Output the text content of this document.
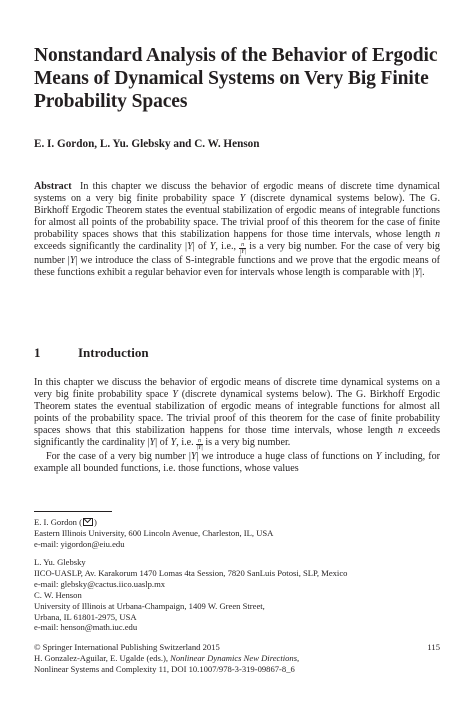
Nonstandard Analysis of the Behavior of Ergodic Means of Dynamical Systems on Very Big Finite Probability Spaces
E. I. Gordon, L. Yu. Glebsky and C. W. Henson
Abstract In this chapter we discuss the behavior of ergodic means of discrete time dynamical systems on a very big finite probability space Y (discrete dynamical systems below). The G. Birkhoff Ergodic Theorem states the eventual stabilization of ergodic means of integrable functions for almost all points of the probability space. The trivial proof of this theorem for the case of finite probability spaces shows that this stabilization happens for those time intervals, whose length n exceeds significantly the cardinality |Y| of Y, i.e., $\frac{n}{|Y|}$ is a very big number. For the case of very big number |Y| we introduce the class of S-integrable functions and we prove that the ergodic means of these functions exhibit a regular behavior even for intervals whose length is comparable with |Y|.
1	Introduction

In this chapter we discuss the behavior of ergodic means of discrete time dynamical systems on a very big finite probability space Y (discrete dynamical systems below). The G. Birkhoff Ergodic Theorem states the eventual stabilization of ergodic means of integrable functions for almost all points of the probability space. The trivial proof of this theorem for the case of finite probability spaces shows that this stabilization happens for those time intervals, whose length n exceeds significantly the cardinality |Y| of Y, i.e. $\frac{n}{|Y|}$ is a very big number.

For the case of a very big number |Y| we introduce a huge class of functions on Y including, for example all bounded functions, i.e. those functions, whose values

E. I. Gordon ( )
Eastern Illinois University, 600 Lincoln Avenue, Charleston, IL, USA
e-mail: yigordon@eiu.edu
L. Yu. Glebsky
IICO-UASLP, Av. Karakorum 1470 Lomas 4ta Session, 7820 SanLuis Potosi, SLP, Mexico
e-mail: glebsky@cactus.iico.uaslp.mx
C. W. Henson
University of Illinois at Urbana-Champaign, 1409 W. Green Street,
Urbana, IL 61801-2975, USA
e-mail: henson@math.iuc.edu
© Springer International Publishing Switzerland 2015	115
H. Gonzalez-Aguilar, E. Ugalde (eds.), Nonlinear Dynamics New Directions,
Nonlinear Systems and Complexity 11, DOI 10.1007/978-3-319-09867-8_6
